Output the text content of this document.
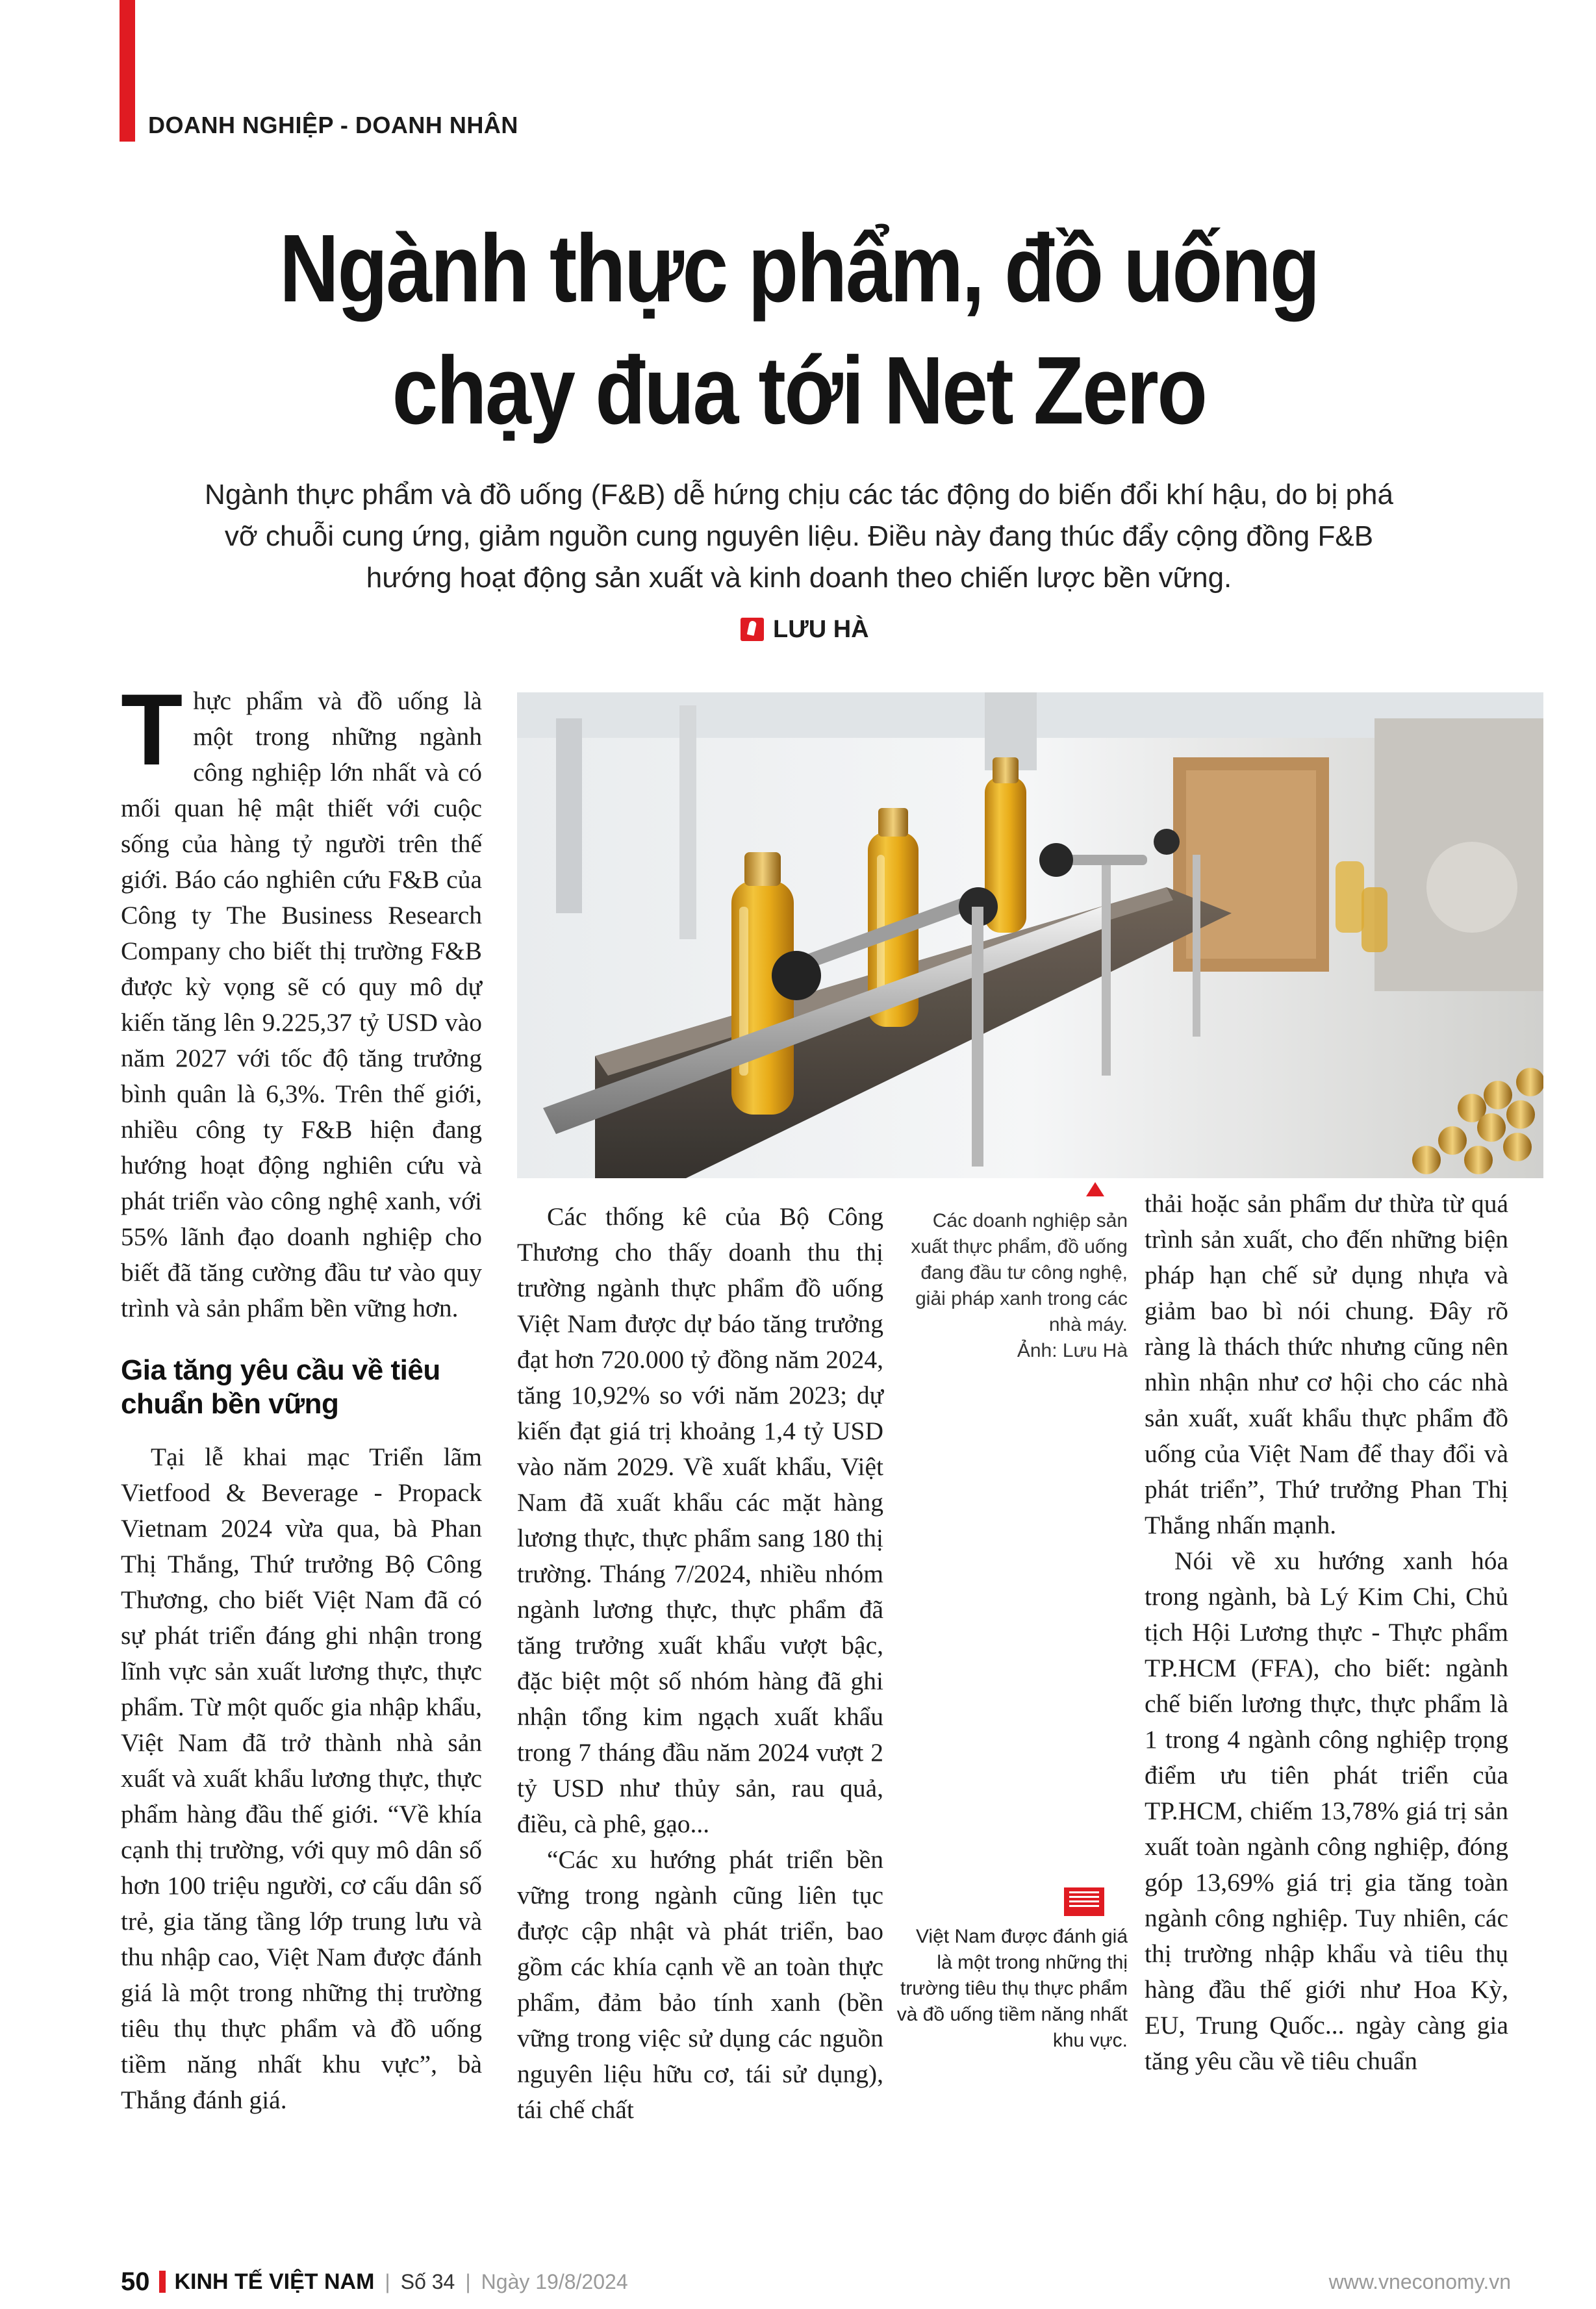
DOANH NGHIỆP - DOANH NHÂN
Ngành thực phẩm, đồ uống
chạy đua tới Net Zero

Ngành thực phẩm và đồ uống (F&B) dễ hứng chịu các tác động do biến đổi khí hậu, do bị phá vỡ chuỗi cung ứng, giảm nguồn cung nguyên liệu. Điều này đang thúc đẩy cộng đồng F&B hướng hoạt động sản xuất và kinh doanh theo chiến lược bền vững.

LƯU HÀ

Thực phẩm và đồ uống là một trong những ngành công nghiệp lớn nhất và có mối quan hệ mật thiết với cuộc sống của hàng tỷ người trên thế giới. Báo cáo nghiên cứu F&B của Công ty The Business Research Company cho biết thị trường F&B được kỳ vọng sẽ có quy mô dự kiến tăng lên 9.225,37 tỷ USD vào năm 2027 với tốc độ tăng trưởng bình quân là 6,3%. Trên thế giới, nhiều công ty F&B hiện đang hướng hoạt động nghiên cứu và phát triển vào công nghệ xanh, với 55% lãnh đạo doanh nghiệp cho biết đã tăng cường đầu tư vào quy trình và sản phẩm bền vững hơn.

Gia tăng yêu cầu về tiêu chuẩn bền vững

Tại lễ khai mạc Triển lãm Vietfood & Beverage - Propack Vietnam 2024 vừa qua, bà Phan Thị Thắng, Thứ trưởng Bộ Công Thương, cho biết Việt Nam đã có sự phát triển đáng ghi nhận trong lĩnh vực sản xuất lương thực, thực phẩm. Từ một quốc gia nhập khẩu, Việt Nam đã trở thành nhà sản xuất và xuất khẩu lương thực, thực phẩm hàng đầu thế giới. “Về khía cạnh thị trường, với quy mô dân số hơn 100 triệu người, cơ cấu dân số trẻ, gia tăng tầng lớp trung lưu và thu nhập cao, Việt Nam được đánh giá là một trong những thị trường tiêu thụ thực phẩm và đồ uống tiềm năng nhất khu vực”, bà Thắng đánh giá.

Các thống kê của Bộ Công Thương cho thấy doanh thu thị trường ngành thực phẩm đồ uống Việt Nam được dự báo tăng trưởng đạt hơn 720.000 tỷ đồng năm 2024, tăng 10,92% so với năm 2023; dự kiến đạt giá trị khoảng 1,4 tỷ USD vào năm 2029. Về xuất khẩu, Việt Nam đã xuất khẩu các mặt hàng lương thực, thực phẩm sang 180 thị trường. Tháng 7/2024, nhiều nhóm ngành lương thực, thực phẩm đã tăng trưởng xuất khẩu vượt bậc, đặc biệt một số nhóm hàng đã ghi nhận tổng kim ngạch xuất khẩu trong 7 tháng đầu năm 2024 vượt 2 tỷ USD như thủy sản, rau quả, điều, cà phê, gạo...

“Các xu hướng phát triển bền vững trong ngành cũng liên tục được cập nhật và phát triển, bao gồm các khía cạnh về an toàn thực phẩm, đảm bảo tính xanh (bền vững trong việc sử dụng các nguồn nguyên liệu hữu cơ, tái sử dụng), tái chế chất

Các doanh nghiệp sản xuất thực phẩm, đồ uống đang đầu tư công nghệ, giải pháp xanh trong các nhà máy.
Ảnh: Lưu Hà
Việt Nam được đánh giá là một trong những thị trường tiêu thụ thực phẩm và đồ uống tiềm năng nhất khu vực.

thải hoặc sản phẩm dư thừa từ quá trình sản xuất, cho đến những biện pháp hạn chế sử dụng nhựa và giảm bao bì nói chung. Đây rõ ràng là thách thức nhưng cũng nên nhìn nhận như cơ hội cho các nhà sản xuất, xuất khẩu thực phẩm đồ uống của Việt Nam để thay đổi và phát triển”, Thứ trưởng Phan Thị Thắng nhấn mạnh.

Nói về xu hướng xanh hóa trong ngành, bà Lý Kim Chi, Chủ tịch Hội Lương thực - Thực phẩm TP.HCM (FFA), cho biết: ngành chế biến lương thực, thực phẩm là 1 trong 4 ngành công nghiệp trọng điểm ưu tiên phát triển của TP.HCM, chiếm 13,78% giá trị sản xuất toàn ngành công nghiệp, đóng góp 13,69% giá trị gia tăng toàn ngành công nghiệp. Tuy nhiên, các thị trường nhập khẩu và tiêu thụ hàng đầu thế giới như Hoa Kỳ, EU, Trung Quốc... ngày càng gia tăng yêu cầu về tiêu chuẩn

50 KINH TẾ VIỆT NAM | Số 34 | Ngày 19/8/2024	www.vneconomy.vn
